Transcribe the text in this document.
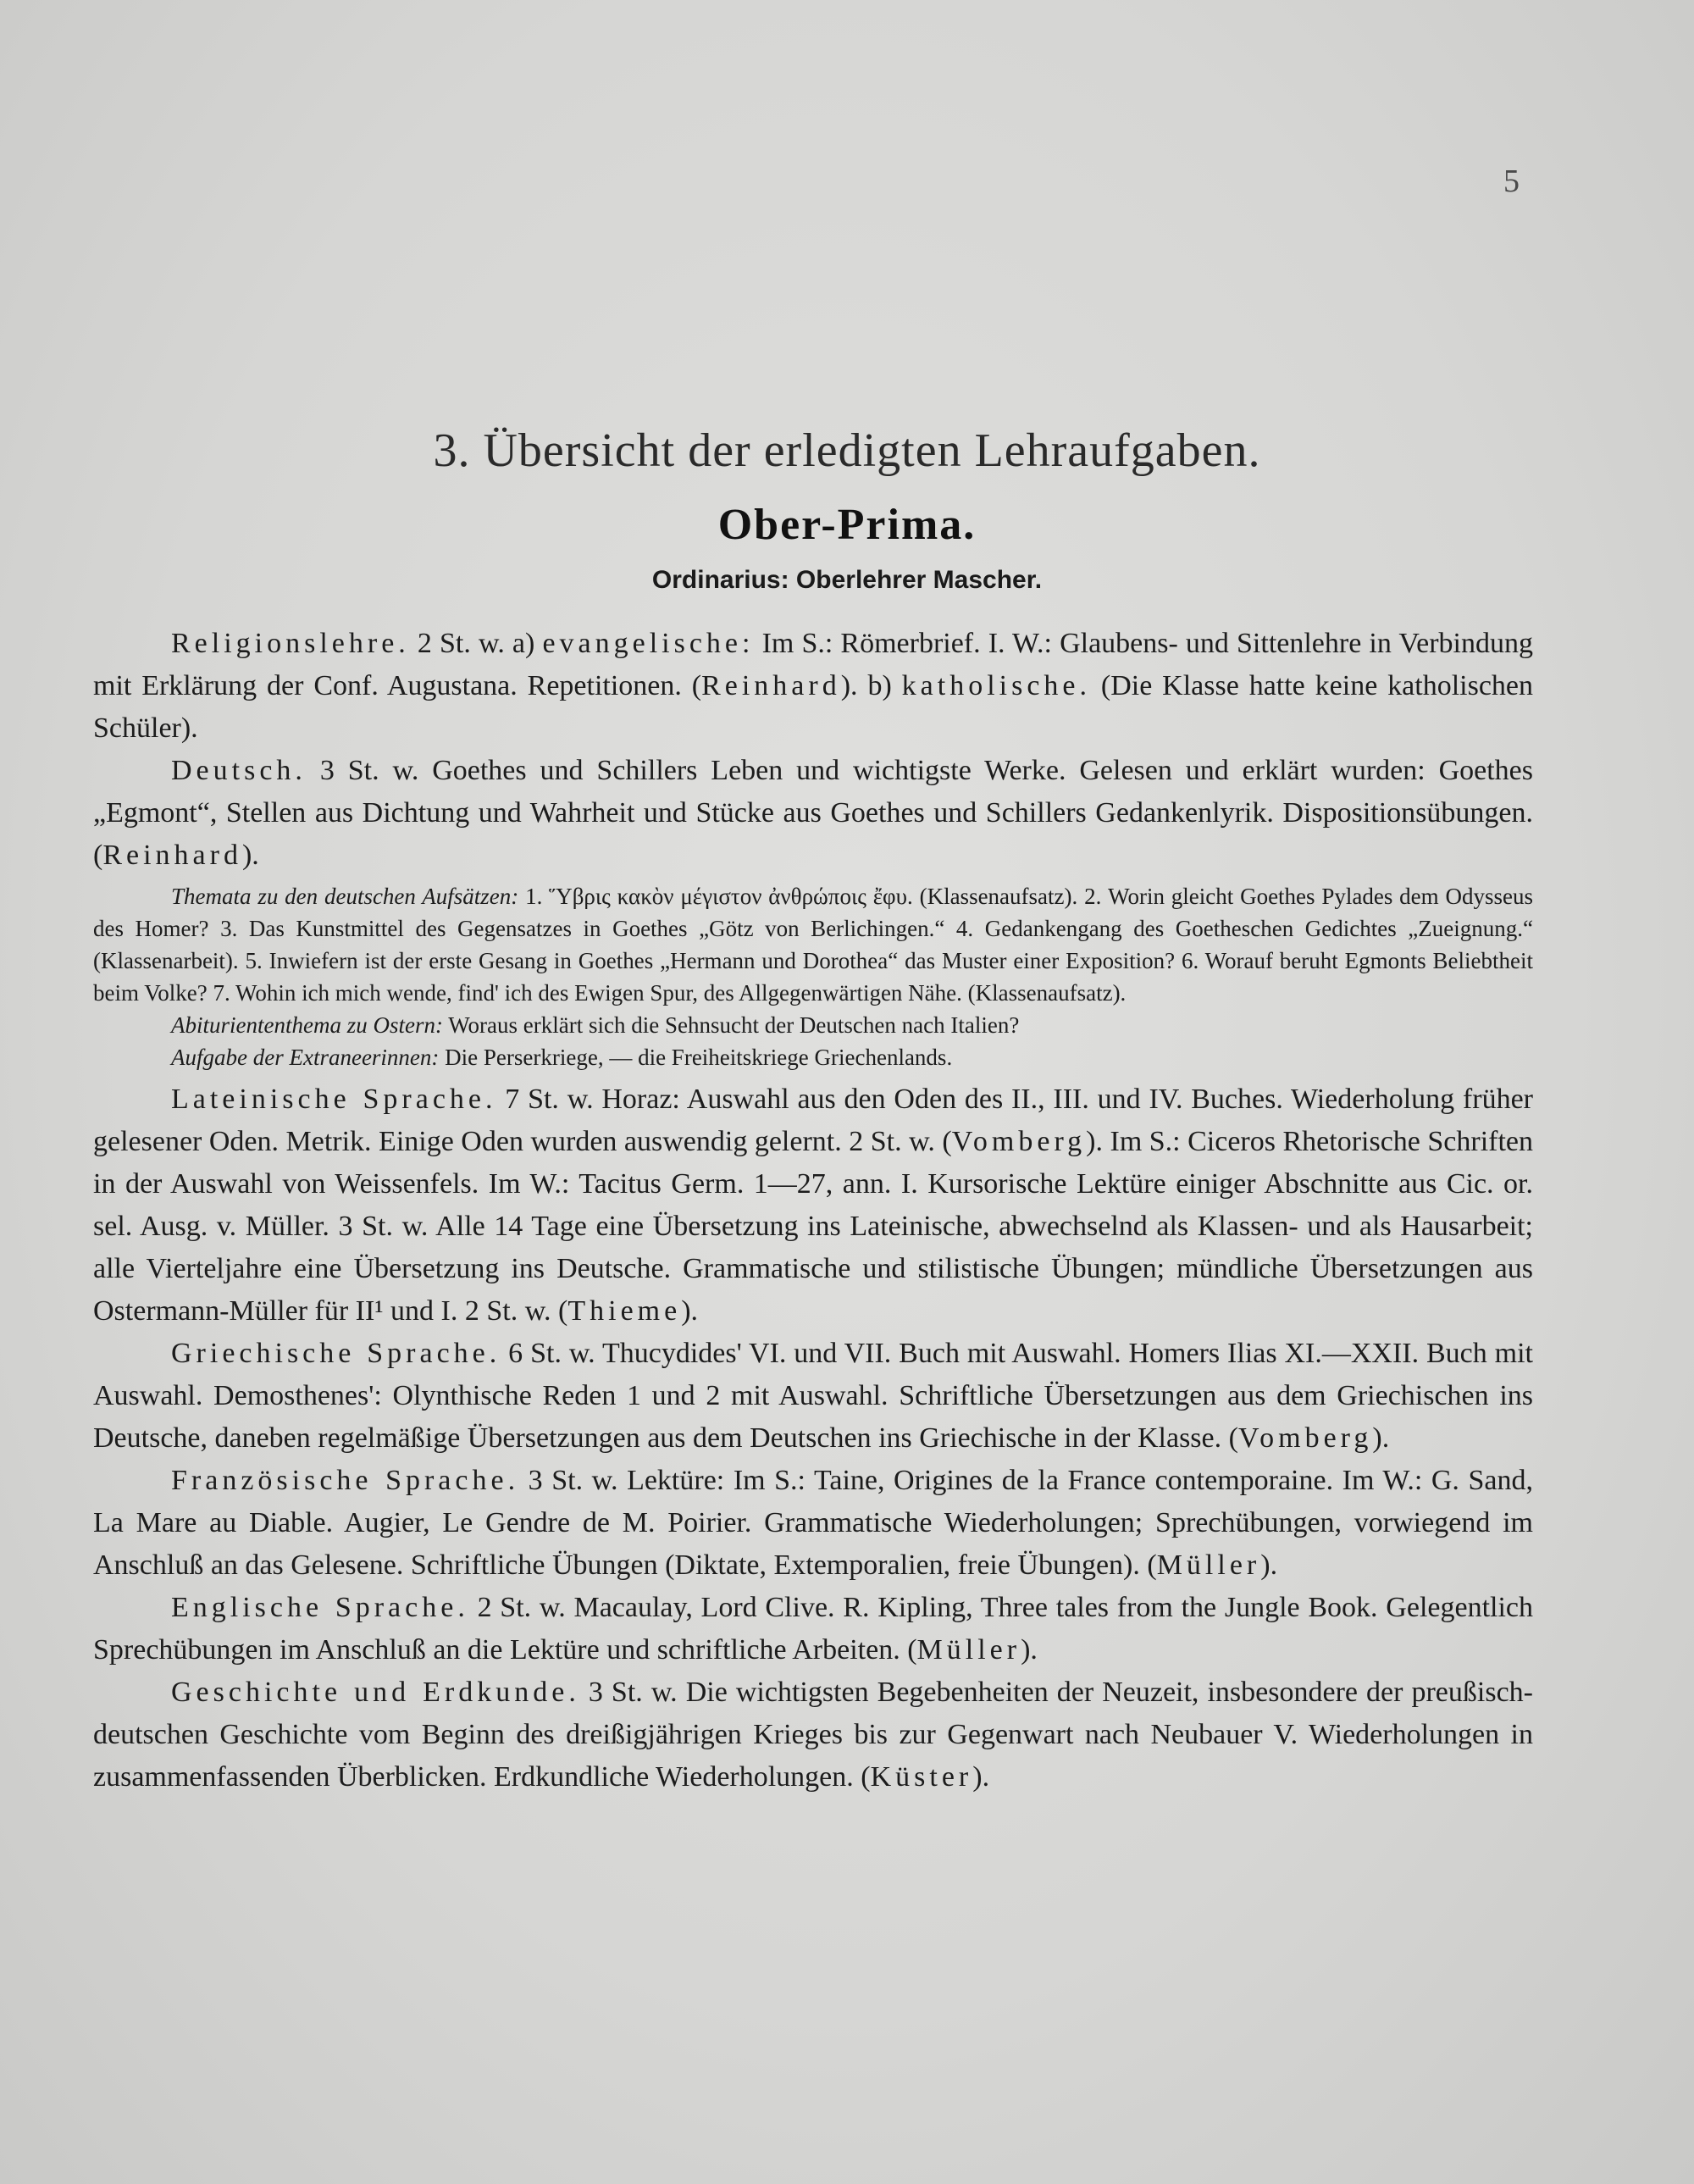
5
3. Übersicht der erledigten Lehraufgaben.
Ober-Prima.
Ordinarius: Oberlehrer Mascher.

Religionslehre. 2 St. w. a) evangelische: Im S.: Römerbrief. I. W.: Glaubens- und Sittenlehre in Verbindung mit Erklärung der Conf. Augustana. Repetitionen. (Reinhard). b) katholische. (Die Klasse hatte keine katholischen Schüler).

Deutsch. 3 St. w. Goethes und Schillers Leben und wichtigste Werke. Gelesen und erklärt wurden: Goethes „Egmont“, Stellen aus Dichtung und Wahrheit und Stücke aus Goethes und Schillers Gedankenlyrik. Dispositionsübungen. (Reinhard).

Themata zu den deutschen Aufsätzen: 1. Ὕβρις κακὸν μέγιστον ἀνθρώποις ἔφυ. (Klassenaufsatz). 2. Worin gleicht Goethes Pylades dem Odysseus des Homer? 3. Das Kunstmittel des Gegensatzes in Goethes „Götz von Berlichingen.“ 4. Gedankengang des Goetheschen Gedichtes „Zueignung.“ (Klassenarbeit). 5. Inwiefern ist der erste Gesang in Goethes „Hermann und Dorothea“ das Muster einer Exposition? 6. Worauf beruht Egmonts Beliebtheit beim Volke? 7. Wohin ich mich wende, find' ich des Ewigen Spur, des Allgegenwärtigen Nähe. (Klassenaufsatz).

Abituriententhema zu Ostern: Woraus erklärt sich die Sehnsucht der Deutschen nach Italien?

Aufgabe der Extraneerinnen: Die Perserkriege, — die Freiheitskriege Griechenlands.

Lateinische Sprache. 7 St. w. Horaz: Auswahl aus den Oden des II., III. und IV. Buches. Wiederholung früher gelesener Oden. Metrik. Einige Oden wurden auswendig gelernt. 2 St. w. (Vomberg). Im S.: Ciceros Rhetorische Schriften in der Auswahl von Weissenfels. Im W.: Tacitus Germ. 1—27, ann. I. Kursorische Lektüre einiger Abschnitte aus Cic. or. sel. Ausg. v. Müller. 3 St. w. Alle 14 Tage eine Übersetzung ins Lateinische, abwechselnd als Klassen- und als Hausarbeit; alle Vierteljahre eine Übersetzung ins Deutsche. Grammatische und stilistische Übungen; mündliche Übersetzungen aus Ostermann-Müller für II¹ und I. 2 St. w. (Thieme).

Griechische Sprache. 6 St. w. Thucydides' VI. und VII. Buch mit Auswahl. Homers Ilias XI.—XXII. Buch mit Auswahl. Demosthenes': Olynthische Reden 1 und 2 mit Auswahl. Schriftliche Übersetzungen aus dem Griechischen ins Deutsche, daneben regelmäßige Übersetzungen aus dem Deutschen ins Griechische in der Klasse. (Vomberg).

Französische Sprache. 3 St. w. Lektüre: Im S.: Taine, Origines de la France contemporaine. Im W.: G. Sand, La Mare au Diable. Augier, Le Gendre de M. Poirier. Grammatische Wiederholungen; Sprechübungen, vorwiegend im Anschluß an das Gelesene. Schriftliche Übungen (Diktate, Extemporalien, freie Übungen). (Müller).

Englische Sprache. 2 St. w. Macaulay, Lord Clive. R. Kipling, Three tales from the Jungle Book. Gelegentlich Sprechübungen im Anschluß an die Lektüre und schriftliche Arbeiten. (Müller).

Geschichte und Erdkunde. 3 St. w. Die wichtigsten Begebenheiten der Neuzeit, insbesondere der preußisch-deutschen Geschichte vom Beginn des dreißigjährigen Krieges bis zur Gegenwart nach Neubauer V. Wiederholungen in zusammenfassenden Überblicken. Erdkundliche Wiederholungen. (Küster).
